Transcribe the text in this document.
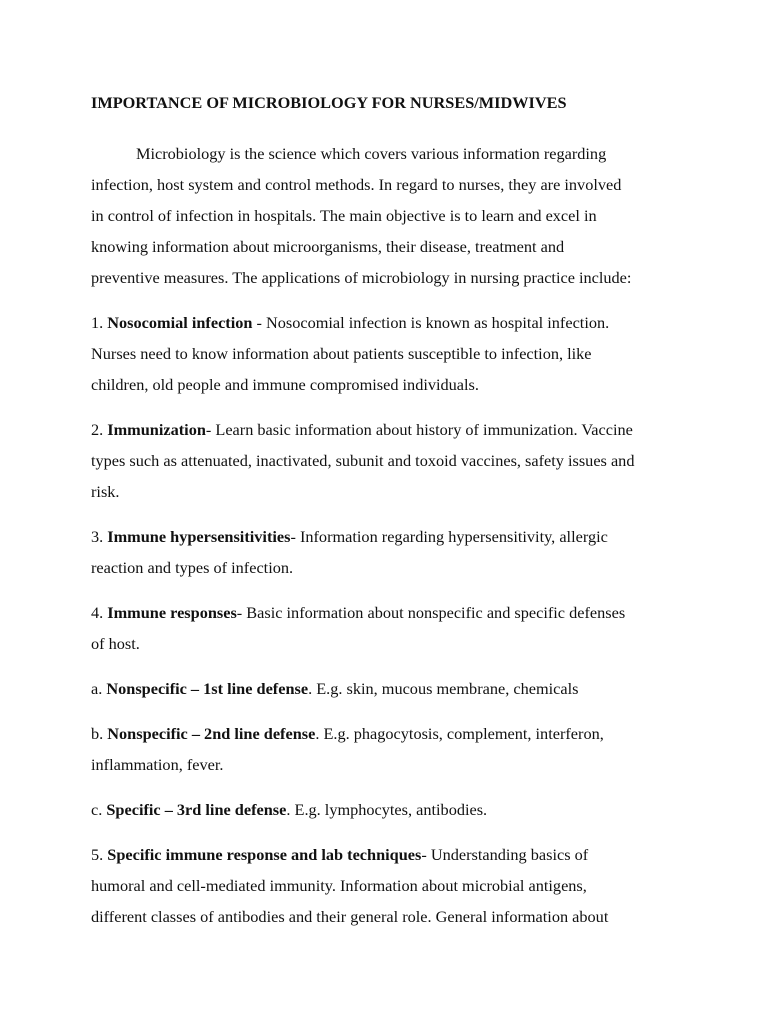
IMPORTANCE OF MICROBIOLOGY FOR NURSES/MIDWIVES

Microbiology is the science which covers various information regarding
infection, host system and control methods. In regard to nurses, they are involved
in control of infection in hospitals. The main objective is to learn and excel in
knowing information about microorganisms, their disease, treatment and
preventive measures. The applications of microbiology in nursing practice include:

1. Nosocomial infection - Nosocomial infection is known as hospital infection.
Nurses need to know information about patients susceptible to infection, like
children, old people and immune compromised individuals.

2. Immunization- Learn basic information about history of immunization. Vaccine
types such as attenuated, inactivated, subunit and toxoid vaccines, safety issues and
risk.

3. Immune hypersensitivities- Information regarding hypersensitivity, allergic
reaction and types of infection.

4. Immune responses- Basic information about nonspecific and specific defenses
of host.

a. Nonspecific – 1st line defense. E.g. skin, mucous membrane, chemicals

b. Nonspecific – 2nd line defense. E.g. phagocytosis, complement, interferon,
inflammation, fever.

c. Specific – 3rd line defense. E.g. lymphocytes, antibodies.

5. Specific immune response and lab techniques- Understanding basics of
humoral and cell-mediated immunity. Information about microbial antigens,
different classes of antibodies and their general role. General information about
